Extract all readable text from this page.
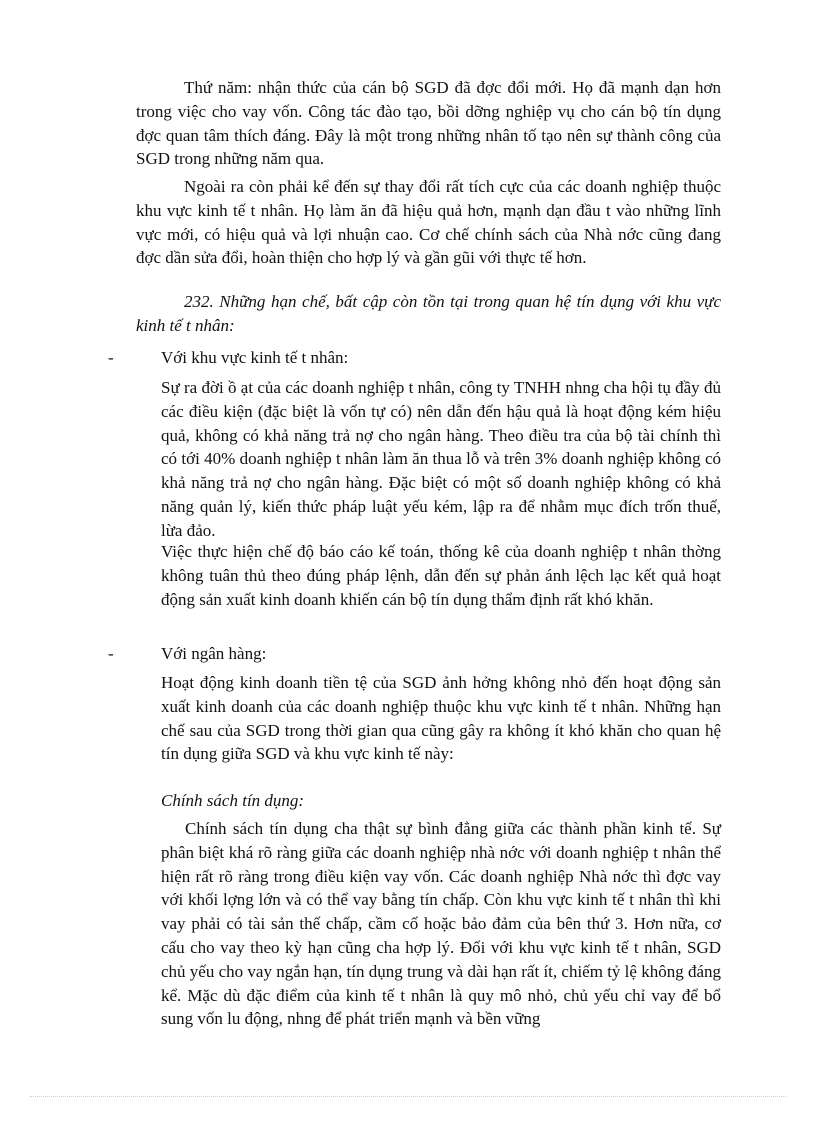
Thứ năm: nhận thức của cán bộ SGD đã đợc đổi mới. Họ đã mạnh dạn hơn trong việc cho vay vốn. Công tác đào tạo, bồi dỡng nghiệp vụ cho cán bộ tín dụng đợc quan tâm thích đáng. Đây là một trong những nhân tố tạo nên sự thành công của SGD trong những năm qua.

Ngoài ra còn phải kể đến sự thay đổi rất tích cực của các doanh nghiệp thuộc khu vực kinh tế t nhân. Họ làm ăn đã hiệu quả hơn, mạnh dạn đầu t vào những lĩnh vực mới, có hiệu quả và lợi nhuận cao. Cơ chế chính sách của Nhà nớc cũng đang đợc dần sửa đổi, hoàn thiện cho hợp lý và gần gũi với thực tế hơn.

232. Những hạn chế, bất cập còn tồn tại trong quan hệ tín dụng với khu vực kinh tế t nhân:

-	Với khu vực kinh tế t nhân:

Sự ra đời ồ ạt của các doanh nghiệp t nhân, công ty TNHH nhng cha hội tụ đầy đủ các điều kiện (đặc biệt là vốn tự có) nên dẫn đến hậu quả là hoạt động kém hiệu quả, không có khả năng trả nợ cho ngân hàng. Theo điều tra của bộ tài chính thì có tới 40% doanh nghiệp t nhân làm ăn thua lỗ và trên 3% doanh nghiệp không có khả năng trả nợ cho ngân hàng. Đặc biệt có một số doanh nghiệp không có khả năng quản lý, kiến thức pháp luật yếu kém, lập ra để nhằm mục đích trốn thuế, lừa đảo.

Việc thực hiện chế độ báo cáo kế toán, thống kê của doanh nghiệp t nhân thờng không tuân thủ theo đúng pháp lệnh, dẫn đến sự phản ánh lệch lạc kết quả hoạt động sản xuất kinh doanh khiến cán bộ tín dụng thẩm định rất khó khăn.

-	Với ngân hàng:

Hoạt động kinh doanh tiền tệ của SGD ảnh hởng không nhỏ đến hoạt động sản xuất kinh doanh của các doanh nghiệp thuộc khu vực kinh tế t nhân. Những hạn chế sau của SGD trong thời gian qua cũng gây ra không ít khó khăn cho quan hệ tín dụng giữa SGD và khu vực kinh tế này:

Chính sách tín dụng:

Chính sách tín dụng cha thật sự bình đẳng giữa các thành phần kinh tế. Sự phân biệt khá rõ ràng giữa các doanh nghiệp nhà nớc với doanh nghiệp t nhân thể hiện rất rõ ràng trong điều kiện vay vốn. Các doanh nghiệp Nhà nớc thì đợc vay với khối lợng lớn và có thể vay bằng tín chấp. Còn khu vực kinh tế t nhân thì khi vay phải có tài sản thế chấp, cầm cố hoặc bảo đảm của bên thứ 3. Hơn nữa, cơ cấu cho vay theo kỳ hạn cũng cha hợp lý. Đối với khu vực kinh tế t nhân, SGD chủ yếu cho vay ngắn hạn, tín dụng trung và dài hạn rất ít, chiếm tỷ lệ không đáng kể. Mặc dù đặc điểm của kinh tế t nhân là quy mô nhỏ, chủ yếu chỉ vay để bổ sung vốn lu động, nhng để phát triển mạnh và bền vững
